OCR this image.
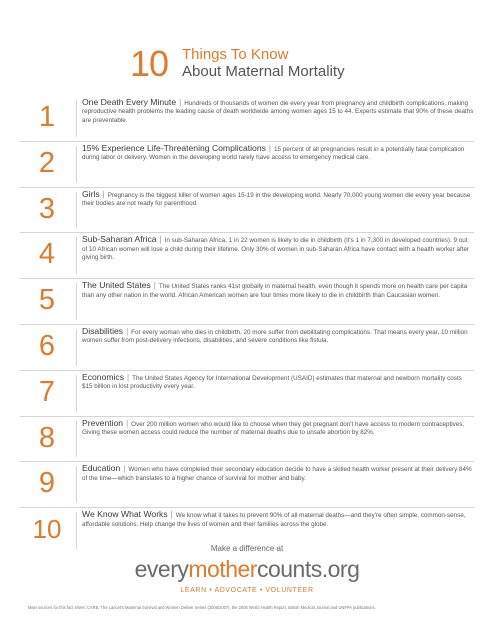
10 Things To Know
About Maternal Mortality
1	One Death Every Minute | Hundreds of thousands of women die every year from pregnancy and childbirth complications, making reproductive health problems the leading cause of death worldwide among women ages 15 to 44. Experts estimate that 90% of these deaths are preventable.
2	15% Experience Life-Threatening Complications | 15 percent of all pregnancies result in a potentially fatal complication during labor or delivery. Women in the developing world rarely have access to emergency medical care.
3	Girls | Pregnancy is the biggest killer of women ages 15-19 in the developing world. Nearly 70,000 young women die every year because their bodies are not ready for parenthood.
4	Sub-Saharan Africa | In sub-Saharan Africa, 1 in 22 women is likely to die in childbirth (it's 1 in 7,300 in developed countries). 9 out of 10 African women will lose a child during their lifetime. Only 30% of women in sub-Saharan Africa have contact with a health worker after giving birth.
5	The United States | The United States ranks 41st globally in maternal health, even though it spends more on health care per capita than any other nation in the world. African American women are four times more likely to die in childbirth than Caucasian women.
6	Disabilities | For every woman who dies in childbirth, 20 more suffer from debilitating complications. That means every year, 10 million women suffer from post-delivery infections, disabilities, and severe conditions like fistula.
7	Economics | The United States Agency for International Development (USAID) estimates that maternal and newborn mortality costs $15 billion in lost productivity every year.
8	Prevention | Over 200 million women who would like to choose when they get pregnant don't have access to modern contraceptives. Giving these women access could reduce the number of maternal deaths due to unsafe abortion by 82%.
9	Education | Women who have completed their secondary education decide to have a skilled health worker present at their delivery 84% of the time—which translates to a higher chance of survival for mother and baby.
10	We Know What Works | We know what it takes to prevent 90% of all maternal deaths—and they're often simple, common-sense, affordable solutions. Help change the lives of women and their families across the globe.
Make a difference at
everymothercounts.org
LEARN • ADVOCATE • VOLUNTEER
Main sources for this fact sheet: CARE, The Lancet's Maternal Survival and Women Deliver Series (2006/2007), the 2005 World Health Report, British Medical Journal and UNFPA publications.
